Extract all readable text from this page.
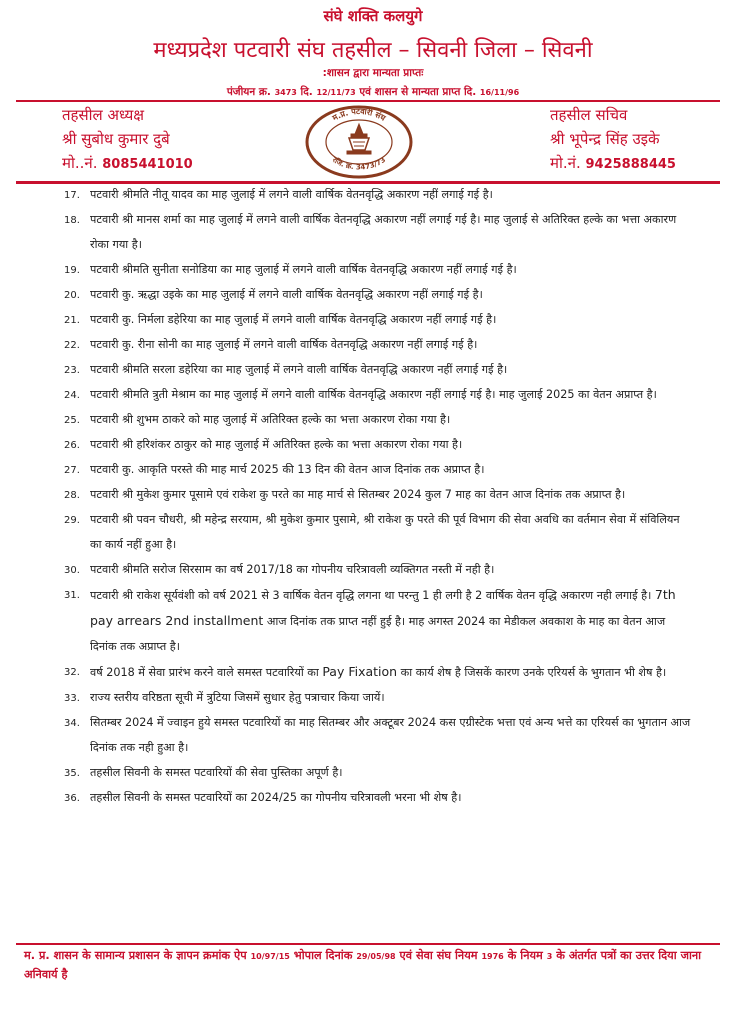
संघे शक्ति कलयुगे
मध्यप्रदेश पटवारी संघ तहसील – सिवनी जिला – सिवनी
:शासन द्वारा मान्यता प्राप्तः
पंजीयन क्र. 3473 दि. 12/11/73 एवं शासन से मान्यता प्राप्त दि. 16/11/96
तहसील अध्यक्ष
श्री सुबोध कुमार दुबे
मो..नं. 8085441010
म.प्र. पटवारी संघ
रजि. क्र. 3473/73
तहसील सचिव
श्री भूपेन्द्र सिंह उइके
मो.नं. 9425888445
17. पटवारी श्रीमति नीतू यादव का माह जुलाई में लगने वाली वार्षिक वेतनवृद्धि अकारण नहीं लगाई गई है।
18. पटवारी श्री मानस शर्मा का माह जुलाई में लगने वाली वार्षिक वेतनवृद्धि अकारण नहीं लगाई गई है। माह जुलाई से अतिरिक्त हल्के का भत्ता अकारण रोका गया है।
19. पटवारी श्रीमति सुनीता सनोडिया का माह जुलाई में लगने वाली वार्षिक वेतनवृद्धि अकारण नहीं लगाई गई है।
20. पटवारी कु. ऋद्धा उइके का माह जुलाई में लगने वाली वार्षिक वेतनवृद्धि अकारण नहीं लगाई गई है।
21. पटवारी कु. निर्मला डहेरिया का माह जुलाई में लगने वाली वार्षिक वेतनवृद्धि अकारण नहीं लगाई गई है।
22. पटवारी कु. रीना सोनी का माह जुलाई में लगने वाली वार्षिक वेतनवृद्धि अकारण नहीं लगाई गई है।
23. पटवारी श्रीमति सरला डहेरिया का माह जुलाई में लगने वाली वार्षिक वेतनवृद्धि अकारण नहीं लगाई गई है।
24. पटवारी श्रीमति त्रुती मेश्राम का माह जुलाई में लगने वाली वार्षिक वेतनवृद्धि अकारण नहीं लगाई गई है। माह जुलाई 2025 का वेतन अप्राप्त है।
25. पटवारी श्री शुभम ठाकरे को माह जुलाई में अतिरिक्त हल्के का भत्ता अकारण रोका गया है।
26. पटवारी श्री हरिशंकर ठाकुर को माह जुलाई में अतिरिक्त हल्के का भत्ता अकारण रोका गया है।
27. पटवारी कु. आकृति परस्ते की माह मार्च 2025 की 13 दिन की वेतन आज दिनांक तक अप्राप्त है।
28. पटवारी श्री मुकेश कुमार पूसामे एवं राकेश कु परते का माह मार्च से सितम्बर 2024 कुल 7 माह का वेतन आज दिनांक तक अप्राप्त है।
29. पटवारी श्री पवन चौधरी, श्री महेन्द्र सरयाम, श्री मुकेश कुमार पुसामे, श्री राकेश कु परते की पूर्व विभाग की सेवा अवधि का वर्तमान सेवा में संविलियन का कार्य नहीं हुआ है।
30. पटवारी श्रीमति सरोज सिरसाम का वर्ष 2017/18 का गोपनीय चरित्रावली व्यक्तिगत नस्ती में नही है।
31. पटवारी श्री राकेश सूर्यवंशी को वर्ष 2021 से 3 वार्षिक वेतन वृद्धि लगना था परन्तु 1 ही लगी है 2 वार्षिक वेतन वृद्धि अकारण नही लगाई है। 7th pay arrears 2nd installment आज दिनांक तक प्राप्त नहीं हुई है। माह अगस्त 2024 का मेडीकल अवकाश के माह का वेतन आज दिनांक तक अप्राप्त है।
32. वर्ष 2018 में सेवा प्रारंभ करने वाले समस्त पटवारियों का Pay Fixation का कार्य शेष है जिसकें कारण उनके एरियर्स के भुगतान भी शेष है।
33. राज्य स्तरीय वरिष्ठता सूची में त्रुटिया जिसमें सुधार हेतु पत्राचार किया जायें।
34. सितम्बर 2024 में ज्वाइन हुये समस्त पटवारियों का माह सितम्बर और अक्टूबर 2024 कस एग्रीस्टेक भत्ता एवं अन्य भत्ते का एरियर्स का भुगतान आज दिनांक तक नही हुआ है।
35. तहसील सिवनी के समस्त पटवारियों की सेवा पुस्तिका अपूर्ण है।
36. तहसील सिवनी के समस्त पटवारियों का 2024/25 का गोपनीय चरित्रावली भरना भी शेष है।
म. प्र. शासन के सामान्य प्रशासन के ज्ञापन क्रमांक ऐप 10/97/15 भोपाल दिनांक 29/05/98 एवं सेवा संघ नियम 1976 के नियम 3 के अंतर्गत पत्रों का उत्तर दिया जाना अनिवार्य है
